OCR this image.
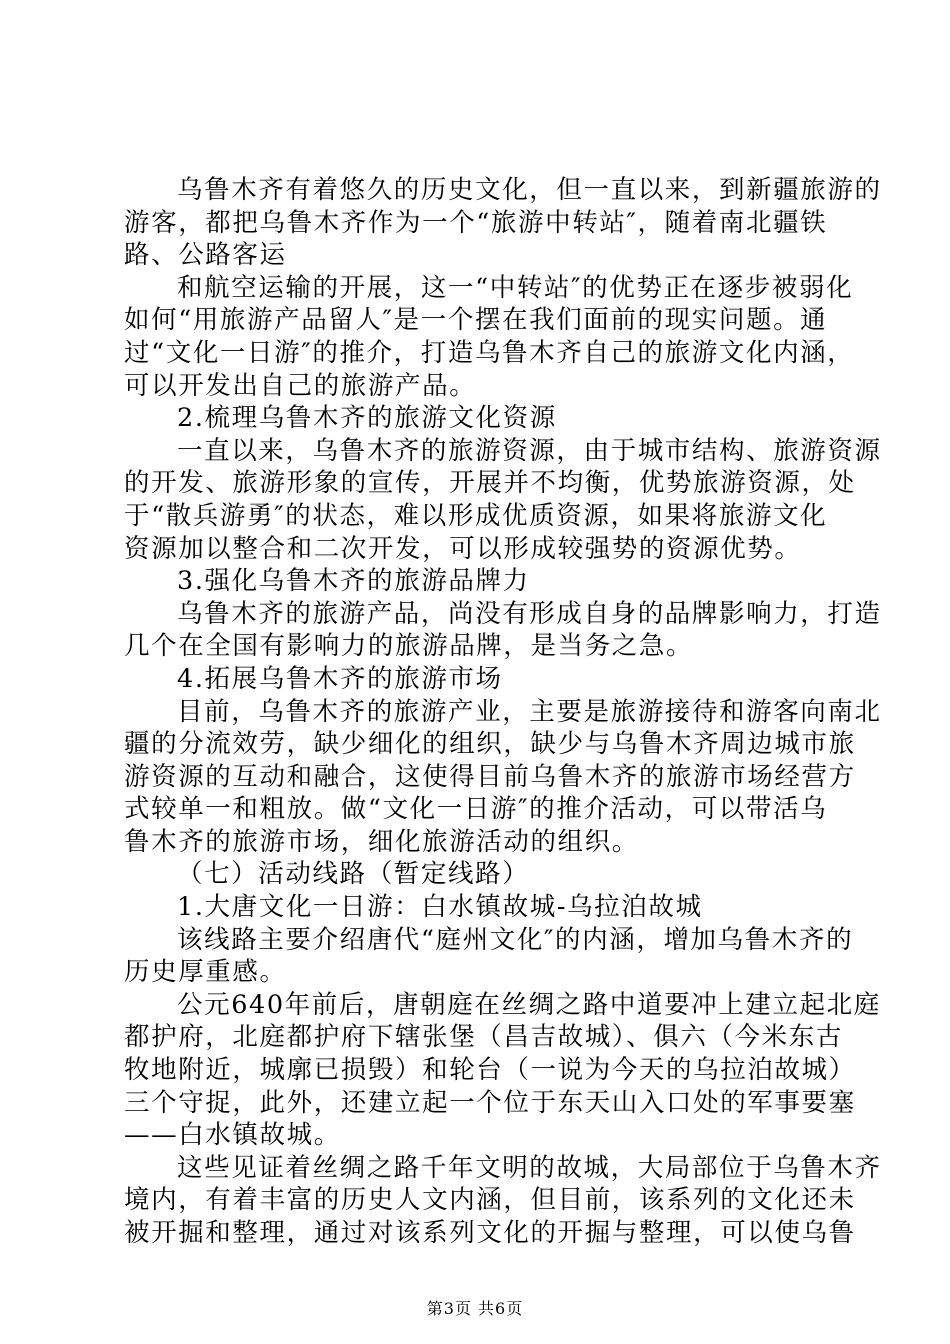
乌鲁木齐有着悠久的历史文化，但一直以来，到新疆旅游的

游客，都把乌鲁木齐作为一个“旅游中转站″，随着南北疆铁

路、公路客运

和航空运输的开展，这一“中转站″的优势正在逐步被弱化

如何“用旅游产品留人″是一个摆在我们面前的现实问题。通

过“文化一日游″的推介，打造乌鲁木齐自己的旅游文化内涵，

可以开发出自己的旅游产品。

2.梳理乌鲁木齐的旅游文化资源

一直以来，乌鲁木齐的旅游资源，由于城市结构、旅游资源

的开发、旅游形象的宣传，开展并不均衡，优势旅游资源，处

于“散兵游勇″的状态，难以形成优质资源，如果将旅游文化

资源加以整合和二次开发，可以形成较强势的资源优势。

3.强化乌鲁木齐的旅游品牌力

乌鲁木齐的旅游产品，尚没有形成自身的品牌影响力，打造

几个在全国有影响力的旅游品牌，是当务之急。

4.拓展乌鲁木齐的旅游市场

目前，乌鲁木齐的旅游产业，主要是旅游接待和游客向南北

疆的分流效劳，缺少细化的组织，缺少与乌鲁木齐周边城市旅

游资源的互动和融合，这使得目前乌鲁木齐的旅游市场经营方

式较单一和粗放。做“文化一日游″的推介活动，可以带活乌

鲁木齐的旅游市场，细化旅游活动的组织。

（七）活动线路（暂定线路）

1.大唐文化一日游：白水镇故城-乌拉泊故城

该线路主要介绍唐代“庭州文化″的内涵，增加乌鲁木齐的

历史厚重感。

公元640年前后，唐朝庭在丝绸之路中道要冲上建立起北庭

都护府，北庭都护府下辖张堡（昌吉故城）、俱六（今米东古

牧地附近，城廓已损毁）和轮台（一说为今天的乌拉泊故城）

三个守捉，此外，还建立起一个位于东天山入口处的军事要塞

——白水镇故城。

这些见证着丝绸之路千年文明的故城，大局部位于乌鲁木齐

境内，有着丰富的历史人文内涵，但目前，该系列的文化还未

被开掘和整理，通过对该系列文化的开掘与整理，可以使乌鲁

第3页 共6页
